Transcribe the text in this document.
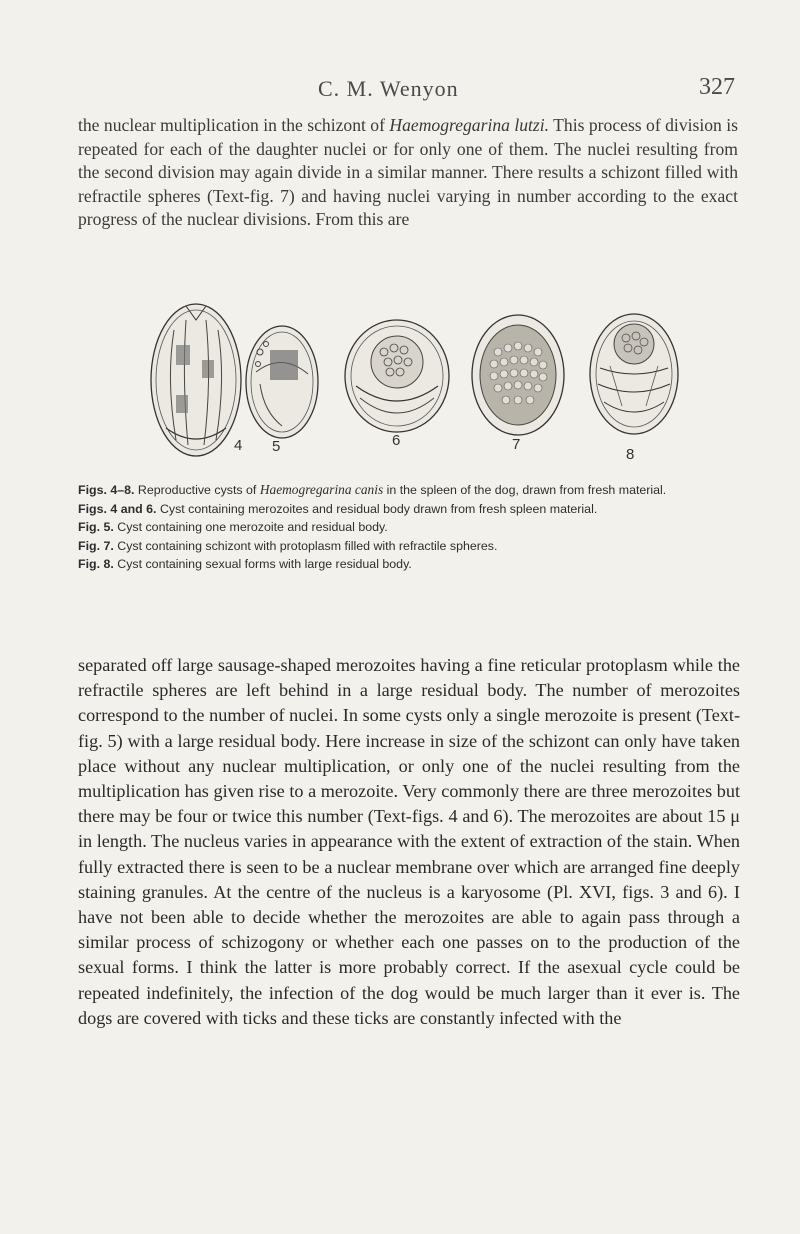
C. M. Wenyon	327

the nuclear multiplication in the schizont of Haemogregarina lutzi. This process of division is repeated for each of the daughter nuclei or for only one of them. The nuclei resulting from the second division may again divide in a similar manner. There results a schizont filled with refractile spheres (Text-fig. 7) and having nuclei varying in number according to the exact progress of the nuclear divisions. From this are

4 5	6	7
8

Figs. 4–8. Reproductive cysts of Haemogregarina canis in the spleen of the dog, drawn from fresh material.

Figs. 4 and 6. Cyst containing merozoites and residual body drawn from fresh spleen material.

Fig. 5. Cyst containing one merozoite and residual body.

Fig. 7. Cyst containing schizont with protoplasm filled with refractile spheres.

Fig. 8. Cyst containing sexual forms with large residual body.

separated off large sausage-shaped merozoites having a fine reticular protoplasm while the refractile spheres are left behind in a large residual body. The number of merozoites correspond to the number of nuclei. In some cysts only a single merozoite is present (Text-fig. 5) with a large residual body. Here increase in size of the schizont can only have taken place without any nuclear multiplication, or only one of the nuclei resulting from the multiplication has given rise to a merozoite. Very commonly there are three merozoites but there may be four or twice this number (Text-figs. 4 and 6). The merozoites are about 15 μ in length. The nucleus varies in appearance with the extent of extraction of the stain. When fully extracted there is seen to be a nuclear membrane over which are arranged fine deeply staining granules. At the centre of the nucleus is a karyosome (Pl. XVI, figs. 3 and 6). I have not been able to decide whether the merozoites are able to again pass through a similar process of schizogony or whether each one passes on to the production of the sexual forms. I think the latter is more probably correct. If the asexual cycle could be repeated indefinitely, the infection of the dog would be much larger than it ever is. The dogs are covered with ticks and these ticks are constantly infected with the
